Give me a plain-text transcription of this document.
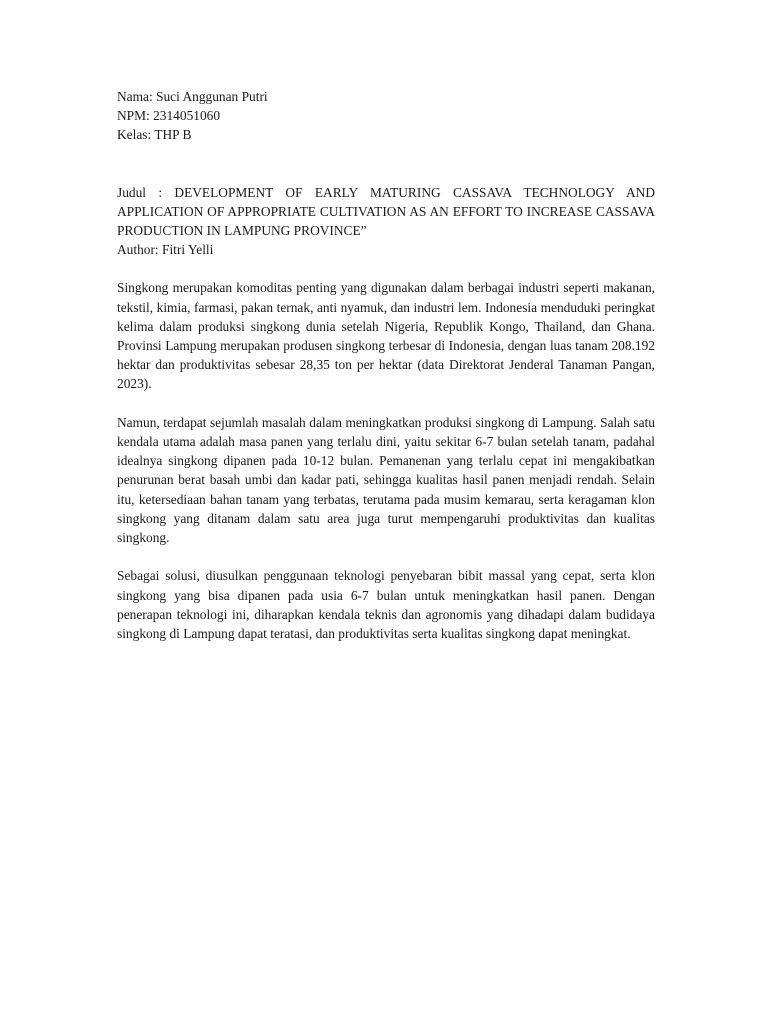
Nama: Suci Anggunan Putri
NPM: 2314051060
Kelas: THP B
Judul : DEVELOPMENT OF EARLY MATURING CASSAVA TECHNOLOGY AND APPLICATION OF APPROPRIATE CULTIVATION AS AN EFFORT TO INCREASE CASSAVA PRODUCTION IN LAMPUNG PROVINCE”
Author: Fitri Yelli

Singkong merupakan komoditas penting yang digunakan dalam berbagai industri seperti makanan, tekstil, kimia, farmasi, pakan ternak, anti nyamuk, dan industri lem. Indonesia menduduki peringkat kelima dalam produksi singkong dunia setelah Nigeria, Republik Kongo, Thailand, dan Ghana. Provinsi Lampung merupakan produsen singkong terbesar di Indonesia, dengan luas tanam 208.192 hektar dan produktivitas sebesar 28,35 ton per hektar (data Direktorat Jenderal Tanaman Pangan, 2023).

Namun, terdapat sejumlah masalah dalam meningkatkan produksi singkong di Lampung. Salah satu kendala utama adalah masa panen yang terlalu dini, yaitu sekitar 6-7 bulan setelah tanam, padahal idealnya singkong dipanen pada 10-12 bulan. Pemanenan yang terlalu cepat ini mengakibatkan penurunan berat basah umbi dan kadar pati, sehingga kualitas hasil panen menjadi rendah. Selain itu, ketersediaan bahan tanam yang terbatas, terutama pada musim kemarau, serta keragaman klon singkong yang ditanam dalam satu area juga turut mempengaruhi produktivitas dan kualitas singkong.

Sebagai solusi, diusulkan penggunaan teknologi penyebaran bibit massal yang cepat, serta klon singkong yang bisa dipanen pada usia 6-7 bulan untuk meningkatkan hasil panen. Dengan penerapan teknologi ini, diharapkan kendala teknis dan agronomis yang dihadapi dalam budidaya singkong di Lampung dapat teratasi, dan produktivitas serta kualitas singkong dapat meningkat.
